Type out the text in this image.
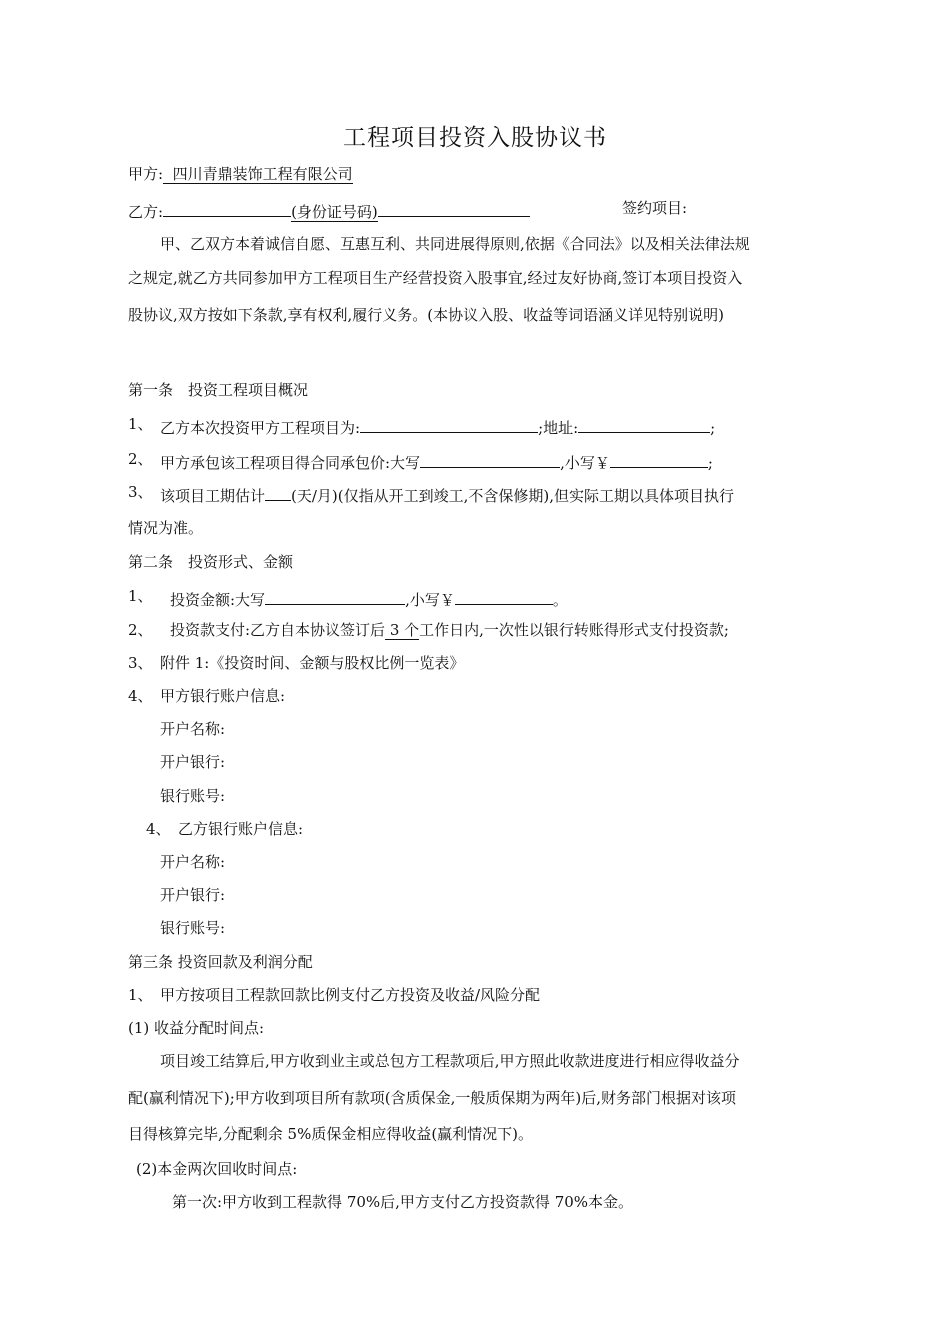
工程项目投资入股协议书
甲方: 四川青鼎装饰工程有限公司
乙方:	(身份证号码)	签约项目:
甲、乙双方本着诚信自愿、互惠互利、共同进展得原则,依据《合同法》以及相关法律法规
之规定,就乙方共同参加甲方工程项目生产经营投资入股事宜,经过友好协商,签订本项目投资入
股协议,双方按如下条款,享有权利,履行义务。(本协议入股、收益等词语涵义详见特别说明)
第一条　投资工程项目概况
1、 乙方本次投资甲方工程项目为:	;地址:	;
2、 甲方承包该工程项目得合同承包价:大写	,小写￥	;
3、 该项目工期估计 (天/月)(仅指从开工到竣工,不含保修期),但实际工期以具体项目执行
情况为准。
第二条　投资形式、金额
1、 投资金额:大写	,小写￥	。
2、 投资款支付:乙方自本协议签订后 3 个工作日内,一次性以银行转账得形式支付投资款;
3、 附件 1:《投资时间、金额与股权比例一览表》
4、 甲方银行账户信息:
开户名称:
开户银行:
银行账号:
4、 乙方银行账户信息:
开户名称:
开户银行:
银行账号:
第三条 投资回款及利润分配
1、 甲方按项目工程款回款比例支付乙方投资及收益/风险分配
(1) 收益分配时间点:
项目竣工结算后,甲方收到业主或总包方工程款项后,甲方照此收款进度进行相应得收益分
配(赢利情况下);甲方收到项目所有款项(含质保金,一般质保期为两年)后,财务部门根据对该项
目得核算完毕,分配剩余 5%质保金相应得收益(赢利情况下)。
(2)本金两次回收时间点:
第一次:甲方收到工程款得 70%后,甲方支付乙方投资款得 70%本金。
